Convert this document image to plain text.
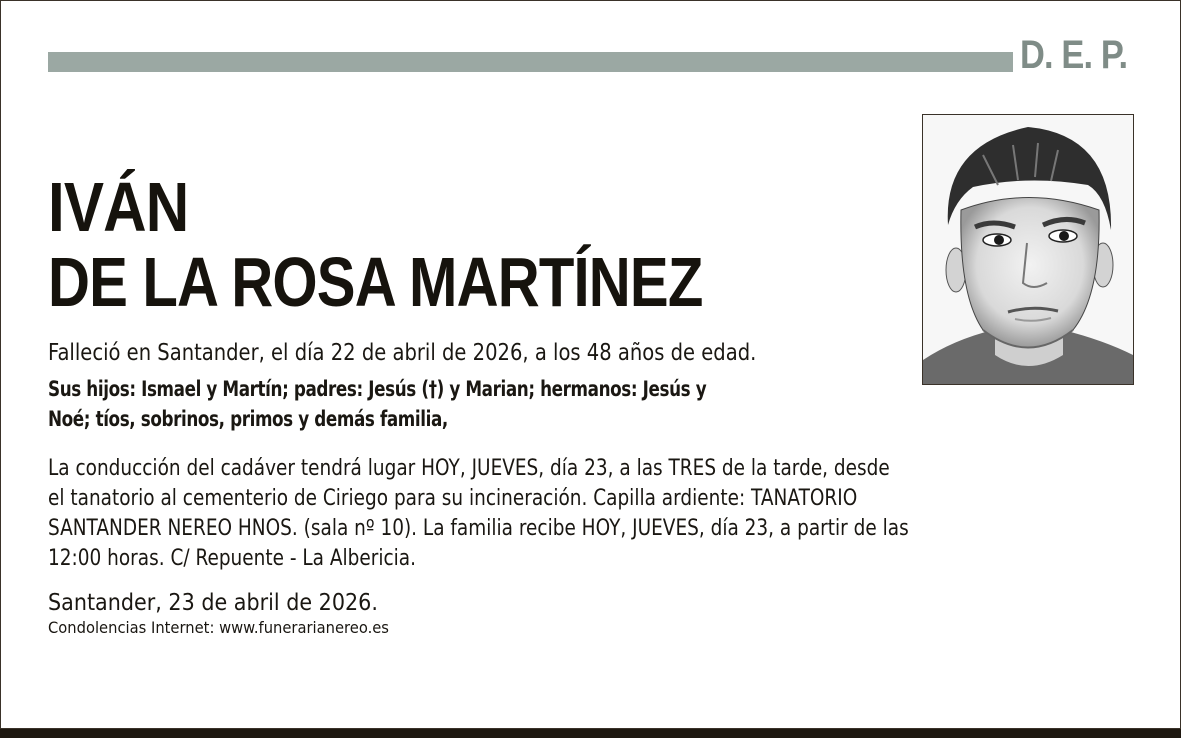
D. E. P.
IVÁN
DE LA ROSA MARTÍNEZ
Falleció en Santander, el día 22 de abril de 2026, a los 48 años de edad.
Sus hijos: Ismael y Martín; padres: Jesús (†) y Marian; hermanos: Jesús y
Noé; tíos, sobrinos, primos y demás familia,
La conducción del cadáver tendrá lugar HOY, JUEVES, día 23, a las TRES de la tarde, desde
el tanatorio al cementerio de Ciriego para su incineración. Capilla ardiente: TANATORIO
SANTANDER NEREO HNOS. (sala nº 10). La familia recibe HOY, JUEVES, día 23, a partir de las
12:00 horas. C/ Repuente - La Albericia.
Santander, 23 de abril de 2026.
Condolencias Internet: www.funerarianereo.es
